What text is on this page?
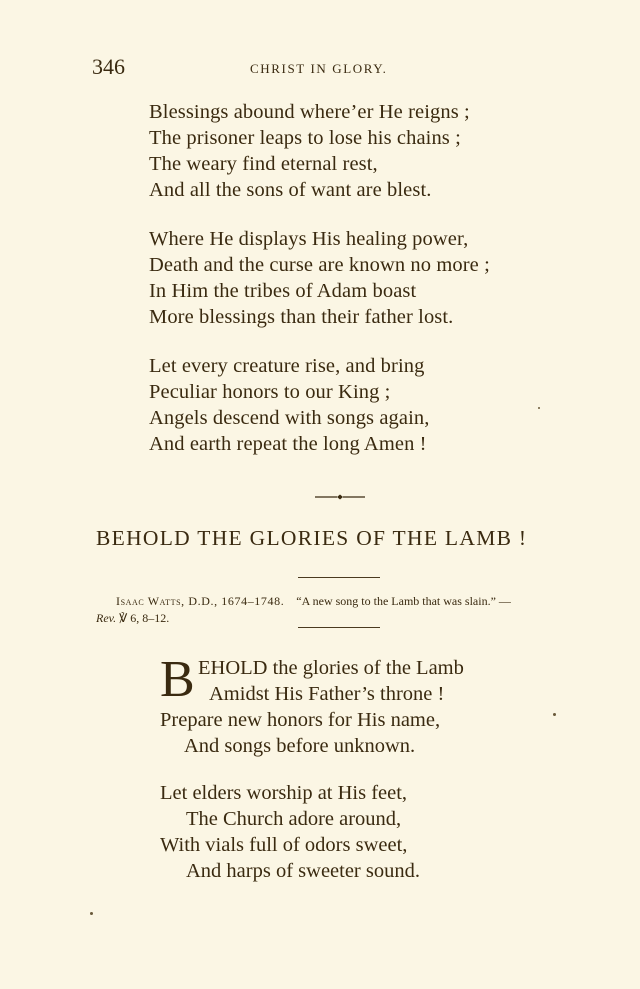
346	CHRIST IN GLORY.
Blessings abound where’er He reigns ;
The prisoner leaps to lose his chains ;
The weary find eternal rest,
And all the sons of want are blest.
Where He displays His healing power,
Death and the curse are known no more ;
In Him the tribes of Adam boast
More blessings than their father lost.
Let every creature rise, and bring
Peculiar honors to our King ;
Angels descend with songs again,
And earth repeat the long Amen !
BEHOLD THE GLORIES OF THE LAMB !
Isaac Watts, D.D., 1674–1748. “A new song to the Lamb that was slain.” —
Rev. ℣ 6, 8–12.
B EHOLD the glories of the Lamb
Amidst His Father’s throne !
Prepare new honors for His name,
And songs before unknown.
Let elders worship at His feet,
The Church adore around,
With vials full of odors sweet,
And harps of sweeter sound.
